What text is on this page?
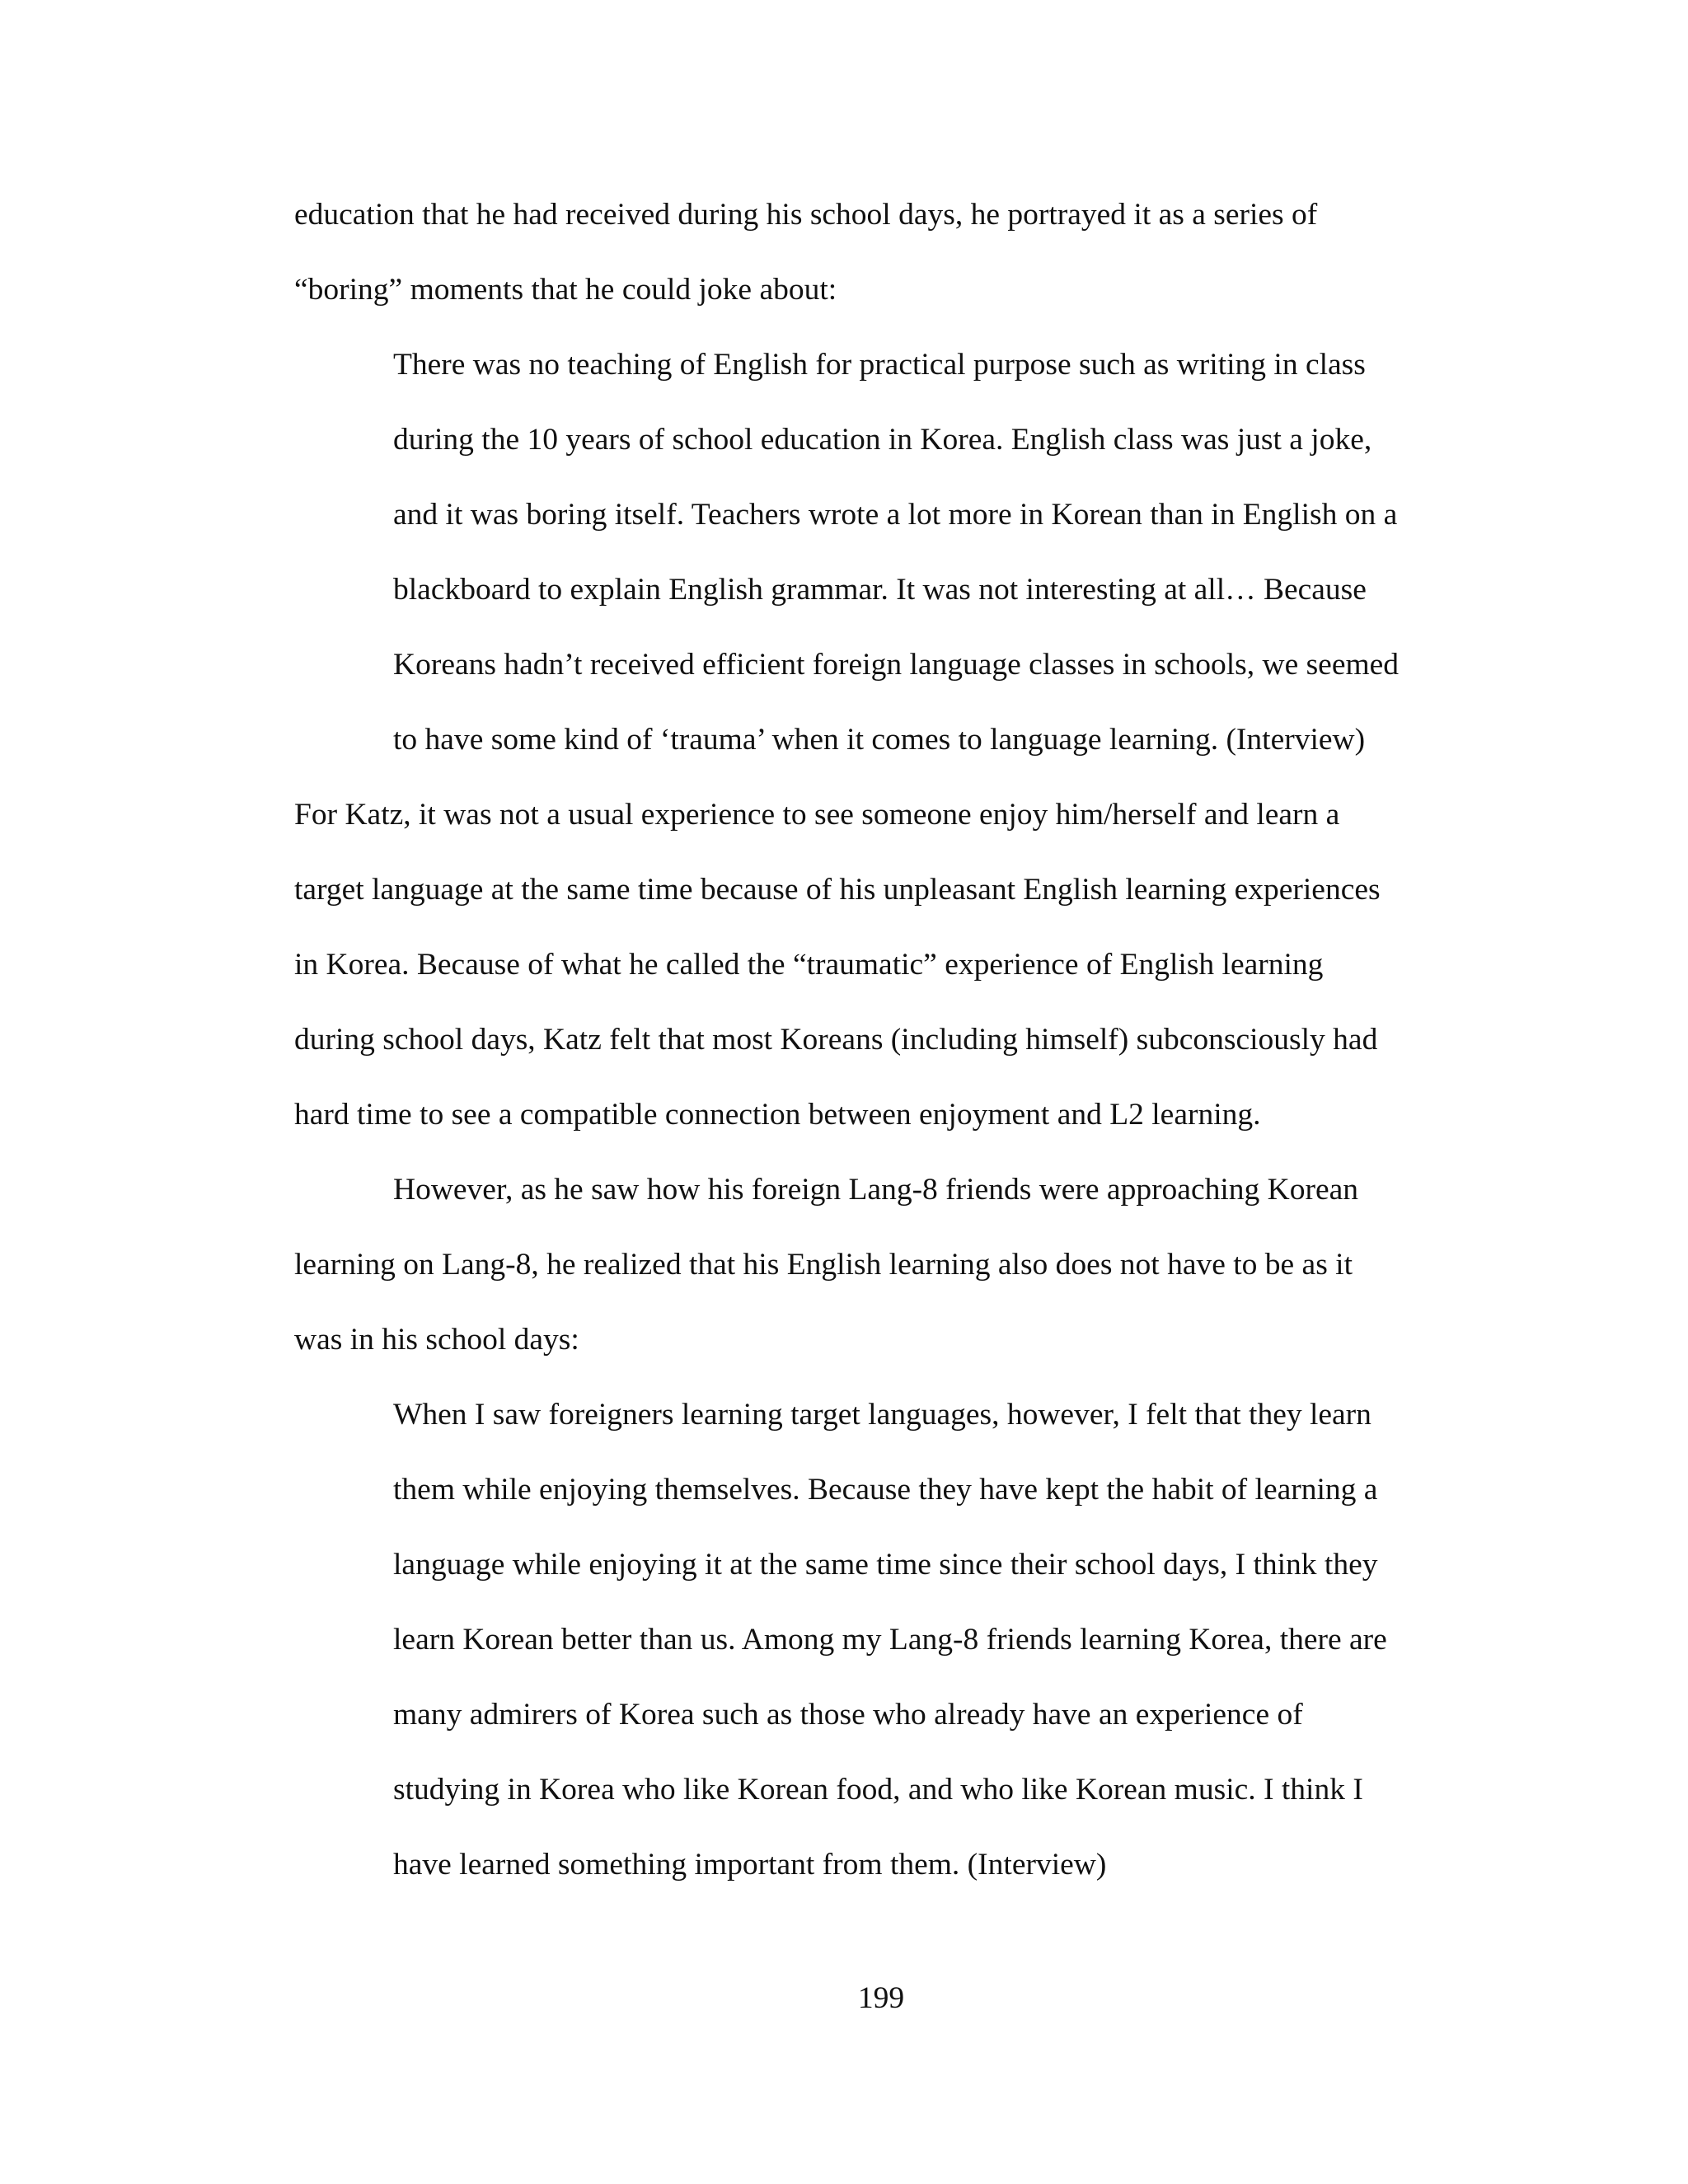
education that he had received during his school days, he portrayed it as a series of
“boring” moments that he could joke about:
There was no teaching of English for practical purpose such as writing in class
during the 10 years of school education in Korea. English class was just a joke,
and it was boring itself. Teachers wrote a lot more in Korean than in English on a
blackboard to explain English grammar. It was not interesting at all… Because
Koreans hadn’t received efficient foreign language classes in schools, we seemed
to have some kind of ‘trauma’ when it comes to language learning. (Interview)
For Katz, it was not a usual experience to see someone enjoy him/herself and learn a
target language at the same time because of his unpleasant English learning experiences
in Korea. Because of what he called the “traumatic” experience of English learning
during school days, Katz felt that most Koreans (including himself) subconsciously had
hard time to see a compatible connection between enjoyment and L2 learning.
However, as he saw how his foreign Lang-8 friends were approaching Korean
learning on Lang-8, he realized that his English learning also does not have to be as it
was in his school days:
When I saw foreigners learning target languages, however, I felt that they learn
them while enjoying themselves. Because they have kept the habit of learning a
language while enjoying it at the same time since their school days, I think they
learn Korean better than us. Among my Lang-8 friends learning Korea, there are
many admirers of Korea such as those who already have an experience of
studying in Korea who like Korean food, and who like Korean music. I think I
have learned something important from them. (Interview)
199
